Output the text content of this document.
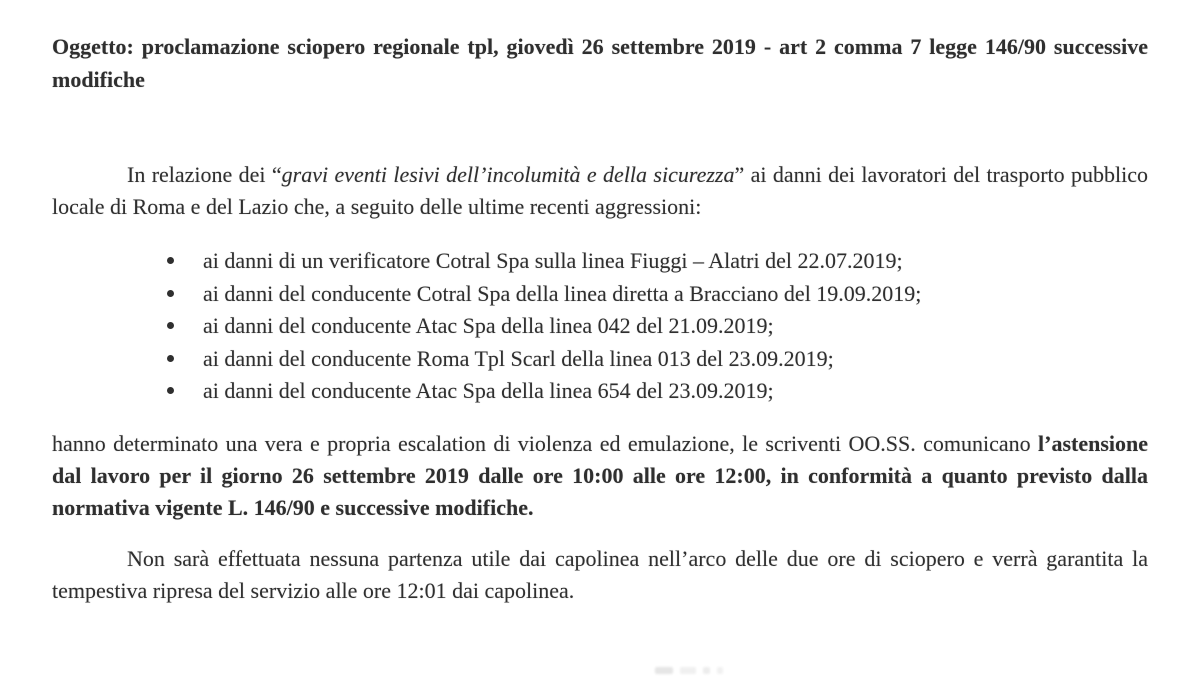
Oggetto: proclamazione sciopero regionale tpl, giovedì 26 settembre 2019 - art 2 comma 7 legge 146/90 successive modifiche

In relazione dei “gravi eventi lesivi dell’incolumità e della sicurezza” ai danni dei lavoratori del trasporto pubblico locale di Roma e del Lazio che, a seguito delle ultime recenti aggressioni:

ai danni di un verificatore Cotral Spa sulla linea Fiuggi – Alatri del 22.07.2019;
ai danni del conducente Cotral Spa della linea diretta a Bracciano del 19.09.2019;
ai danni del conducente Atac Spa della linea 042 del 21.09.2019;
ai danni del conducente Roma Tpl Scarl della linea 013 del 23.09.2019;
ai danni del conducente Atac Spa della linea 654 del 23.09.2019;

hanno determinato una vera e propria escalation di violenza ed emulazione, le scriventi OO.SS. comunicano l’astensione dal lavoro per il giorno 26 settembre 2019 dalle ore 10:00 alle ore 12:00, in conformità a quanto previsto dalla normativa vigente L. 146/90 e successive modifiche.

Non sarà effettuata nessuna partenza utile dai capolinea nell’arco delle due ore di sciopero e verrà garantita la tempestiva ripresa del servizio alle ore 12:01 dai capolinea.
